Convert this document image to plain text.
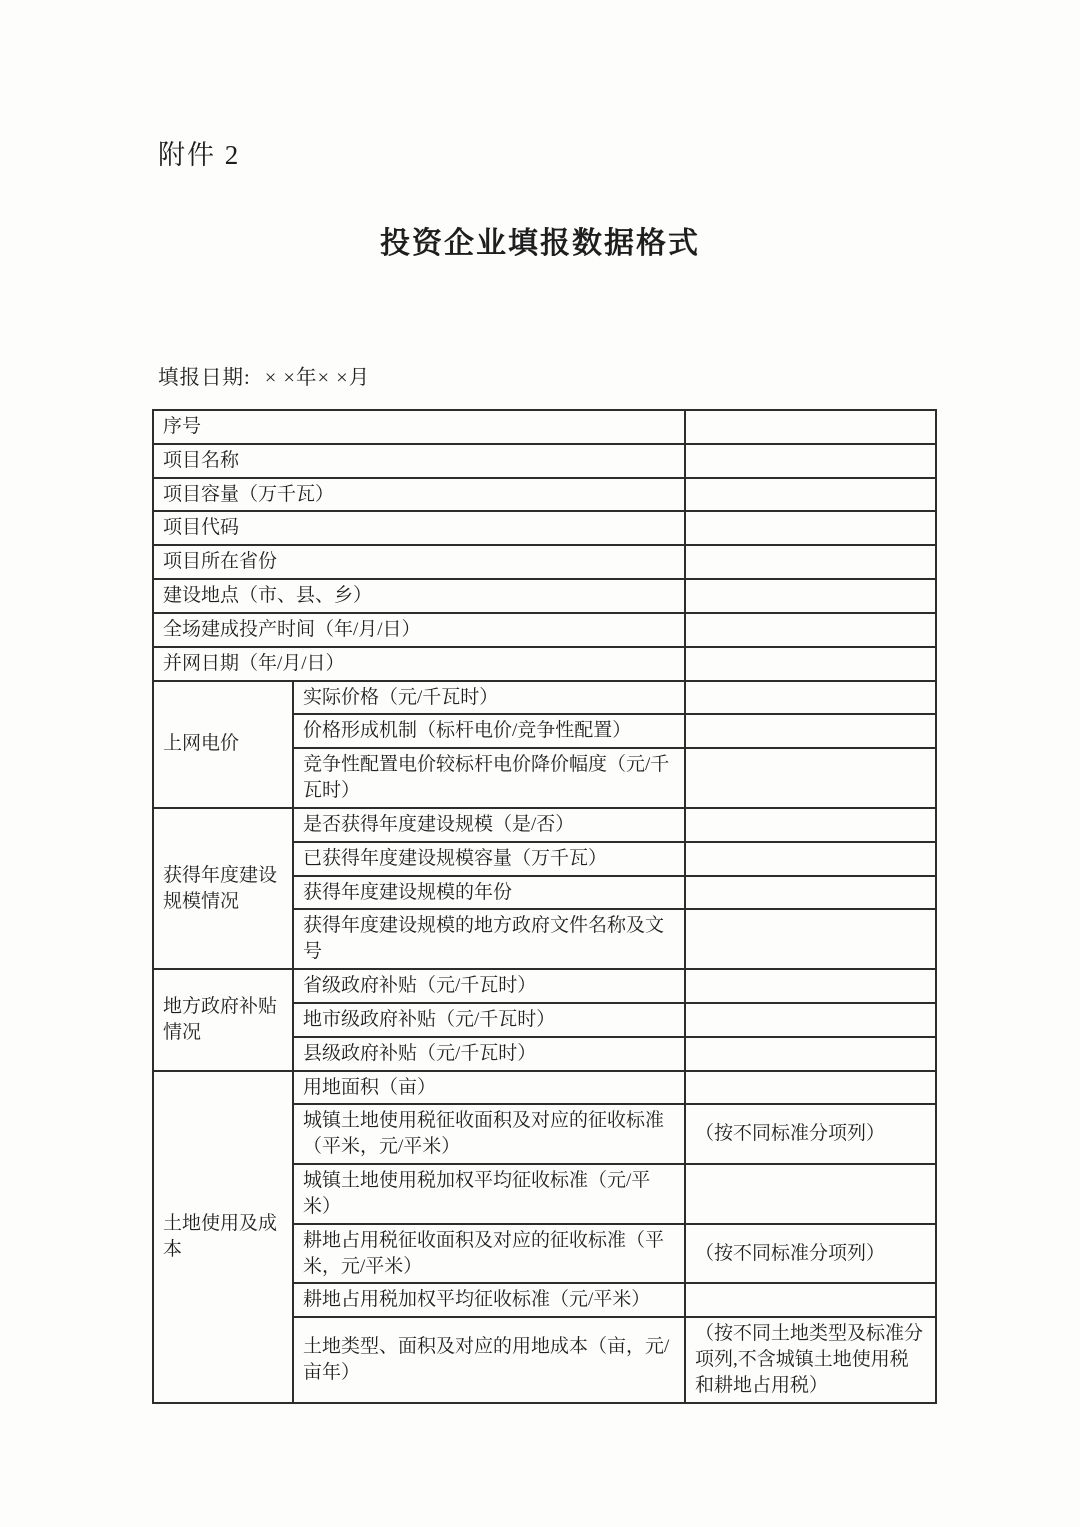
附件 2
投资企业填报数据格式
填报日期: × ×年× ×月
序号		
项目名称		
项目容量（万千瓦）		
项目代码		
项目所在省份		
建设地点（市、县、乡）		
全场建成投产时间（年/月/日）		
并网日期（年/月/日）		
上网电价	实际价格（元/千瓦时）	
	价格形成机制（标杆电价/竞争性配置）	
	竞争性配置电价较标杆电价降价幅度（元/千瓦时）	
获得年度建设规模情况	是否获得年度建设规模（是/否）	
	已获得年度建设规模容量（万千瓦）	
	获得年度建设规模的年份	
	获得年度建设规模的地方政府文件名称及文号	
地方政府补贴情况	省级政府补贴（元/千瓦时）	
	地市级政府补贴（元/千瓦时）	
	县级政府补贴（元/千瓦时）	
土地使用及成本	用地面积（亩）	
	城镇土地使用税征收面积及对应的征收标准（平米，元/平米）	（按不同标准分项列）
	城镇土地使用税加权平均征收标准（元/平米）	
	耕地占用税征收面积及对应的征收标准（平米，元/平米）	（按不同标准分项列）
	耕地占用税加权平均征收标准（元/平米）	
	土地类型、面积及对应的用地成本（亩，元/亩年）	（按不同土地类型及标准分项列,不含城镇土地使用税和耕地占用税）
